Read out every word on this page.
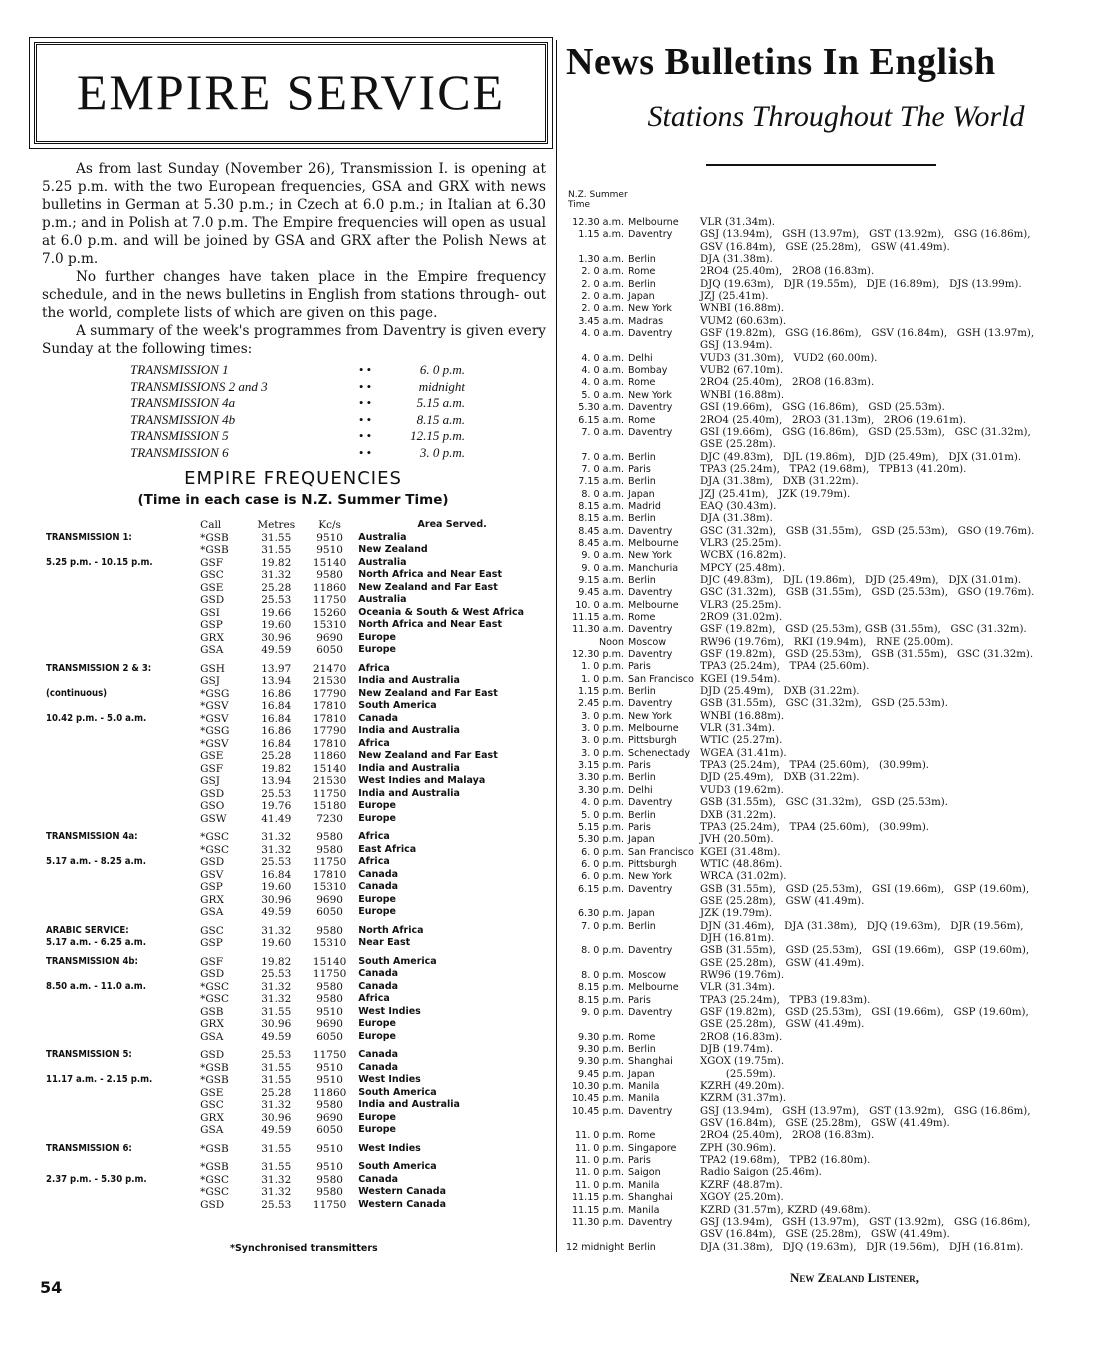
EMPIRE SERVICE

As from last Sunday (November 26), Transmission I. is opening at 5.25 p.m. with the two European frequencies, GSA and GRX with news bulletins in German at 5.30 p.m.; in Czech at 6.0 p.m.; in Italian at 6.30 p.m.; and in Polish at 7.0 p.m. The Empire frequencies will open as usual at 6.0 p.m. and will be joined by GSA and GRX after the Polish News at 7.0 p.m.

No further changes have taken place in the Empire frequency schedule, and in the news bulletins in English from stations through- out the world, complete lists of which are given on this page.

A summary of the week's programmes from Daventry is given every Sunday at the following times:

TRANSMISSION 1	• •	6. 0 p.m.
TRANSMISSIONS 2 and 3	• •	midnight
TRANSMISSION 4a	• •	5.15 a.m.
TRANSMISSION 4b	• •	8.15 a.m.
TRANSMISSION 5	• •	12.15 p.m.
TRANSMISSION 6	• •	3. 0 p.m.
EMPIRE FREQUENCIES
(Time in each case is N.Z. Summer Time)
Call	Metres	Kc/s	Area Served.
TRANSMISSION 1:	*GSB	31.55	9510	Australia
*GSB	31.55	9510	New Zealand
5.25 p.m. - 10.15 p.m.	GSF	19.82	15140	Australia
GSC	31.32	9580	North Africa and Near East
GSE	25.28	11860	New Zealand and Far East
GSD	25.53	11750	Australia
GSI	19.66	15260	Oceania & South & West Africa
GSP	19.60	15310	North Africa and Near East
GRX	30.96	9690	Europe
GSA	49.59	6050	Europe
TRANSMISSION 2 & 3:	GSH	13.97	21470	Africa
GSJ	13.94	21530	India and Australia
(continuous)	*GSG	16.86	17790	New Zealand and Far East
*GSV	16.84	17810	South America
10.42 p.m. - 5.0 a.m.	*GSV	16.84	17810	Canada
*GSG	16.86	17790	India and Australia
*GSV	16.84	17810	Africa
GSE	25.28	11860	New Zealand and Far East
GSF	19.82	15140	India and Australia
GSJ	13.94	21530	West Indies and Malaya
GSD	25.53	11750	India and Australia
GSO	19.76	15180	Europe
GSW	41.49	7230	Europe
TRANSMISSION 4a:	*GSC	31.32	9580	Africa
*GSC	31.32	9580	East Africa
5.17 a.m. - 8.25 a.m.	GSD	25.53	11750	Africa
GSV	16.84	17810	Canada
GSP	19.60	15310	Canada
GRX	30.96	9690	Europe
GSA	49.59	6050	Europe
ARABIC SERVICE:	GSC	31.32	9580	North Africa
5.17 a.m. - 6.25 a.m.	GSP	19.60	15310	Near East
TRANSMISSION 4b:	GSF	19.82	15140	South America
GSD	25.53	11750	Canada
8.50 a.m. - 11.0 a.m.	*GSC	31.32	9580	Canada
*GSC	31.32	9580	Africa
GSB	31.55	9510	West Indies
GRX	30.96	9690	Europe
GSA	49.59	6050	Europe
TRANSMISSION 5:	GSD	25.53	11750	Canada
*GSB	31.55	9510	Canada
11.17 a.m. - 2.15 p.m.	*GSB	31.55	9510	West Indies
GSE	25.28	11860	South America
GSC	31.32	9580	India and Australia
GRX	30.96	9690	Europe
GSA	49.59	6050	Europe
TRANSMISSION 6:	*GSB	31.55	9510	West Indies
*GSB	31.55	9510	South America
2.37 p.m. - 5.30 p.m.	*GSC	31.32	9580	Canada
*GSC	31.32	9580	Western Canada
GSD	25.53	11750	Western Canada
*Synchronised transmitters
54
News Bulletins In English
Stations Throughout The World
N.Z. Summer Time
12.30 a.m. Melbourne	VLR (31.34m).
1.15 a.m. Daventry	GSJ (13.94m),   GSH (13.97m),   GST (13.92m),   GSG (16.86m),
GSV (16.84m),   GSE (25.28m),   GSW (41.49m).
1.30 a.m. Berlin	DJA (31.38m).
2. 0 a.m. Rome	2RO4 (25.40m),   2RO8 (16.83m).
2. 0 a.m. Berlin	DJQ (19.63m),   DJR (19.55m),   DJE (16.89m),   DJS (13.99m).
2. 0 a.m. Japan	JZJ (25.41m).
2. 0 a.m. New York	WNBI (16.88m).
3.45 a.m. Madras	VUM2 (60.63m).
4. 0 a.m. Daventry	GSF (19.82m),   GSG (16.86m),   GSV (16.84m),   GSH (13.97m),
GSJ (13.94m).
4. 0 a.m. Delhi	VUD3 (31.30m),   VUD2 (60.00m).
4. 0 a.m. Bombay	VUB2 (67.10m).
4. 0 a.m. Rome	2RO4 (25.40m),   2RO8 (16.83m).
5. 0 a.m. New York	WNBI (16.88m).
5.30 a.m. Daventry	GSI (19.66m),   GSG (16.86m),   GSD (25.53m).
6.15 a.m. Rome	2RO4 (25.40m),   2RO3 (31.13m),   2RO6 (19.61m).
7. 0 a.m. Daventry	GSI (19.66m),   GSG (16.86m),   GSD (25.53m),   GSC (31.32m),
GSE (25.28m).
7. 0 a.m. Berlin	DJC (49.83m),   DJL (19.86m),   DJD (25.49m),   DJX (31.01m).
7. 0 a.m. Paris	TPA3 (25.24m),   TPA2 (19.68m),   TPB13 (41.20m).
7.15 a.m. Berlin	DJA (31.38m),   DXB (31.22m).
8. 0 a.m. Japan	JZJ (25.41m),   JZK (19.79m).
8.15 a.m. Madrid	EAQ (30.43m).
8.15 a.m. Berlin	DJA (31.38m).
8.45 a.m. Daventry	GSC (31.32m),   GSB (31.55m),   GSD (25.53m),   GSO (19.76m).
8.45 a.m. Melbourne	VLR3 (25.25m).
9. 0 a.m. New York	WCBX (16.82m).
9. 0 a.m. Manchuria	MPCY (25.48m).
9.15 a.m. Berlin	DJC (49.83m),   DJL (19.86m),   DJD (25.49m),   DJX (31.01m).
9.45 a.m. Daventry	GSC (31.32m),   GSB (31.55m),   GSD (25.53m),   GSO (19.76m).
10. 0 a.m. Melbourne	VLR3 (25.25m).
11.15 a.m. Rome	2RO9 (31.02m).
11.30 a.m. Daventry	GSF (19.82m),   GSD (25.53m), GSB (31.55m),   GSC (31.32m).
Noon Moscow	RW96 (19.76m),   RKI (19.94m),   RNE (25.00m).
12.30 p.m. Daventry	GSF (19.82m),   GSD (25.53m),   GSB (31.55m),   GSC (31.32m).
1. 0 p.m. Paris	TPA3 (25.24m),   TPA4 (25.60m).
1. 0 p.m. San Francisco KGEI (19.54m).
1.15 p.m. Berlin	DJD (25.49m),   DXB (31.22m).
2.45 p.m. Daventry	GSB (31.55m),   GSC (31.32m),   GSD (25.53m).
3. 0 p.m. New York	WNBI (16.88m).
3. 0 p.m. Melbourne	VLR (31.34m).
3. 0 p.m. Pittsburgh	WTIC (25.27m).
3. 0 p.m. Schenectady WGEA (31.41m).
3.15 p.m. Paris	TPA3 (25.24m),   TPA4 (25.60m),   (30.99m).
3.30 p.m. Berlin	DJD (25.49m),   DXB (31.22m).
3.30 p.m. Delhi	VUD3 (19.62m).
4. 0 p.m. Daventry	GSB (31.55m),   GSC (31.32m),   GSD (25.53m).
5. 0 p.m. Berlin	DXB (31.22m).
5.15 p.m. Paris	TPA3 (25.24m),   TPA4 (25.60m),   (30.99m).
5.30 p.m. Japan	JVH (20.50m).
6. 0 p.m. San Francisco KGEI (31.48m).
6. 0 p.m. Pittsburgh	WTIC (48.86m).
6. 0 p.m. New York	WRCA (31.02m).
6.15 p.m. Daventry	GSB (31.55m),   GSD (25.53m),   GSI (19.66m),   GSP (19.60m),
GSE (25.28m),   GSW (41.49m).
6.30 p.m. Japan	JZK (19.79m).
7. 0 p.m. Berlin	DJN (31.46m),   DJA (31.38m),   DJQ (19.63m),   DJR (19.56m),
DJH (16.81m).
8. 0 p.m. Daventry	GSB (31.55m),   GSD (25.53m),   GSI (19.66m),   GSP (19.60m),
GSE (25.28m),   GSW (41.49m).
8. 0 p.m. Moscow	RW96 (19.76m).
8.15 p.m. Melbourne	VLR (31.34m).
8.15 p.m. Paris	TPA3 (25.24m),   TPB3 (19.83m).
9. 0 p.m. Daventry	GSF (19.82m),   GSD (25.53m),   GSI (19.66m),   GSP (19.60m),
GSE (25.28m),   GSW (41.49m).
9.30 p.m. Rome	2RO8 (16.83m).
9.30 p.m. Berlin	DJB (19.74m).
9.30 p.m. Shanghai	XGOX (19.75m).
9.45 p.m. Japan	(25.59m).
10.30 p.m. Manila	KZRH (49.20m).
10.45 p.m. Manila	KZRM (31.37m).
10.45 p.m. Daventry	GSJ (13.94m),   GSH (13.97m),   GST (13.92m),   GSG (16.86m),
GSV (16.84m),   GSE (25.28m),   GSW (41.49m).
11. 0 p.m. Rome	2RO4 (25.40m),   2RO8 (16.83m).
11. 0 p.m. Singapore	ZPH (30.96m).
11. 0 p.m. Paris	TPA2 (19.68m),   TPB2 (16.80m).
11. 0 p.m. Saigon	Radio Saigon (25.46m).
11. 0 p.m. Manila	KZRF (48.87m).
11.15 p.m. Shanghai	XGOY (25.20m).
11.15 p.m. Manila	KZRD (31.57m), KZRD (49.68m).
11.30 p.m. Daventry	GSJ (13.94m),   GSH (13.97m),   GST (13.92m),   GSG (16.86m),
GSV (16.84m),   GSE (25.28m),   GSW (41.49m).
12 midnight Berlin	DJA (31.38m),   DJQ (19.63m),   DJR (19.56m),   DJH (16.81m).
New Zealand Listener,
